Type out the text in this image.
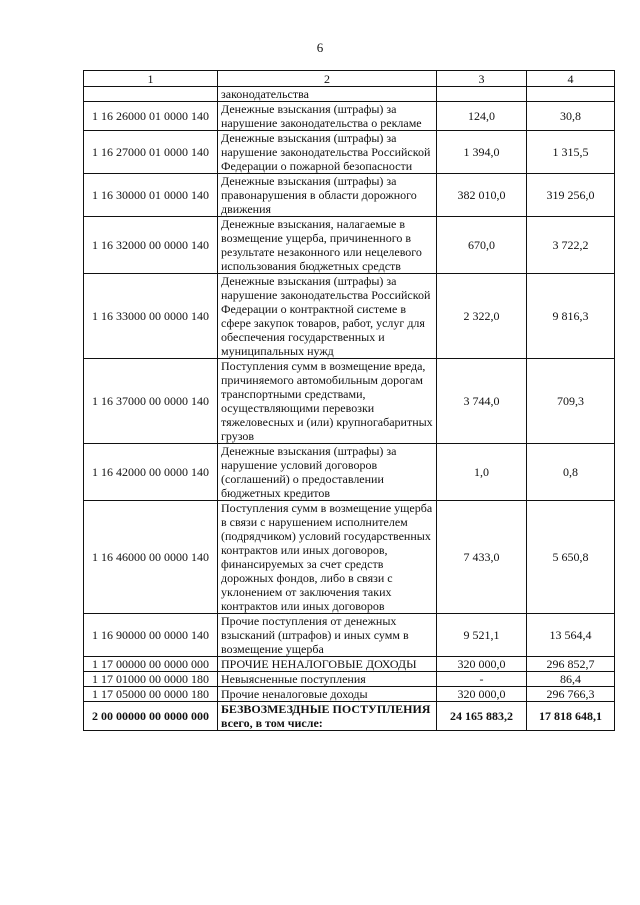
6
1	2	3	4
	законодательства		
1 16 26000 01 0000 140	Денежные взыскания (штрафы) за нарушение законодательства о рекламе	124,0	30,8
1 16 27000 01 0000 140	Денежные взыскания (штрафы) за нарушение законодательства Российской Федерации о пожарной безопасности	1 394,0	1 315,5
1 16 30000 01 0000 140	Денежные взыскания (штрафы) за правонарушения в области дорожного движения	382 010,0	319 256,0
1 16 32000 00 0000 140	Денежные взыскания, налагаемые в возмещение ущерба, причиненного в результате незаконного или нецелевого использования бюджетных средств	670,0	3 722,2
1 16 33000 00 0000 140	Денежные взыскания (штрафы) за нарушение законодательства Российской Федерации о контрактной системе в сфере закупок товаров, работ, услуг для обеспечения государственных и муниципальных нужд	2 322,0	9 816,3
1 16 37000 00 0000 140	Поступления сумм в возмещение вреда, причиняемого автомобильным дорогам транспортными средствами, осуществляющими перевозки тяжеловесных и (или) крупногабаритных грузов	3 744,0	709,3
1 16 42000 00 0000 140	Денежные взыскания (штрафы) за нарушение условий договоров (соглашений) о предоставлении бюджетных кредитов	1,0	0,8
1 16 46000 00 0000 140	Поступления сумм в возмещение ущерба в связи с нарушением исполнителем (подрядчиком) условий государственных контрактов или иных договоров, финансируемых за счет средств дорожных фондов, либо в связи с уклонением от заключения таких контрактов или иных договоров	7 433,0	5 650,8
1 16 90000 00 0000 140	Прочие поступления от денежных взысканий (штрафов) и иных сумм в возмещение ущерба	9 521,1	13 564,4
1 17 00000 00 0000 000	ПРОЧИЕ НЕНАЛОГОВЫЕ ДОХОДЫ	320 000,0	296 852,7
1 17 01000 00 0000 180	Невыясненные поступления	-	86,4
1 17 05000 00 0000 180	Прочие неналоговые доходы	320 000,0	296 766,3
2 00 00000 00 0000 000	БЕЗВОЗМЕЗДНЫЕ ПОСТУПЛЕНИЯ всего, в том числе:	24 165 883,2	17 818 648,1
